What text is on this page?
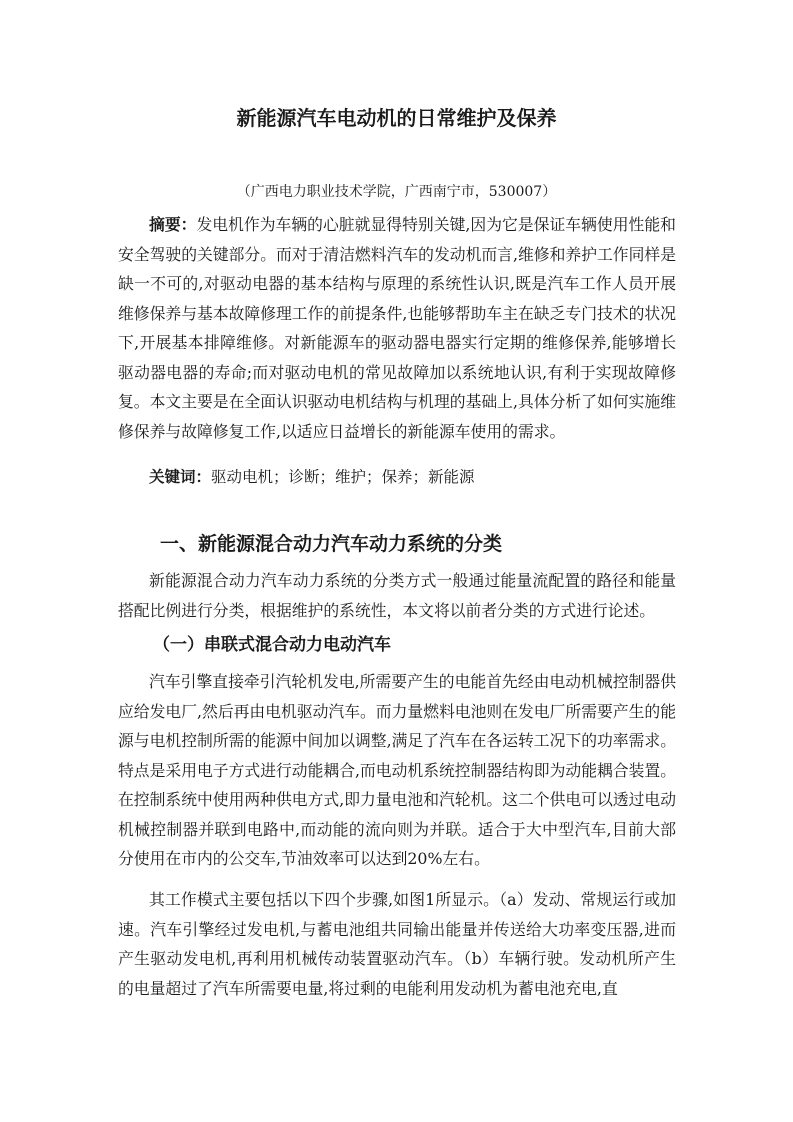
新能源汽车电动机的日常维护及保养

（广西电力职业技术学院，广西南宁市，530007）

摘要：发电机作为车辆的心脏就显得特别关键,因为它是保证车辆使用性能和安全驾驶的关键部分。而对于清洁燃料汽车的发动机而言,维修和养护工作同样是缺一不可的,对驱动电器的基本结构与原理的系统性认识,既是汽车工作人员开展维修保养与基本故障修理工作的前提条件,也能够帮助车主在缺乏专门技术的状况下,开展基本排障维修。对新能源车的驱动器电器实行定期的维修保养,能够增长驱动器电器的寿命;而对驱动电机的常见故障加以系统地认识,有利于实现故障修复。本文主要是在全面认识驱动电机结构与机理的基础上,具体分析了如何实施维修保养与故障修复工作,以适应日益增长的新能源车使用的需求。

关键词：驱动电机；诊断；维护；保养；新能源

一、新能源混合动力汽车动力系统的分类

新能源混合动力汽车动力系统的分类方式一般通过能量流配置的路径和能量搭配比例进行分类，根据维护的系统性，本文将以前者分类的方式进行论述。

（一）串联式混合动力电动汽车

汽车引擎直接牵引汽轮机发电,所需要产生的电能首先经由电动机械控制器供应给发电厂,然后再由电机驱动汽车。而力量燃料电池则在发电厂所需要产生的能源与电机控制所需的能源中间加以调整,满足了汽车在各运转工况下的功率需求。特点是采用电子方式进行动能耦合,而电动机系统控制器结构即为动能耦合装置。在控制系统中使用两种供电方式,即力量电池和汽轮机。这二个供电可以透过电动机械控制器并联到电路中,而动能的流向则为并联。适合于大中型汽车,目前大部分使用在市内的公交车,节油效率可以达到20%左右。

其工作模式主要包括以下四个步骤,如图1所显示。（a）发动、常规运行或加速。汽车引擎经过发电机,与蓄电池组共同输出能量并传送给大功率变压器,进而产生驱动发电机,再利用机械传动装置驱动汽车。（b）车辆行驶。发动机所产生的电量超过了汽车所需要电量,将过剩的电能利用发动机为蓄电池充电,直
